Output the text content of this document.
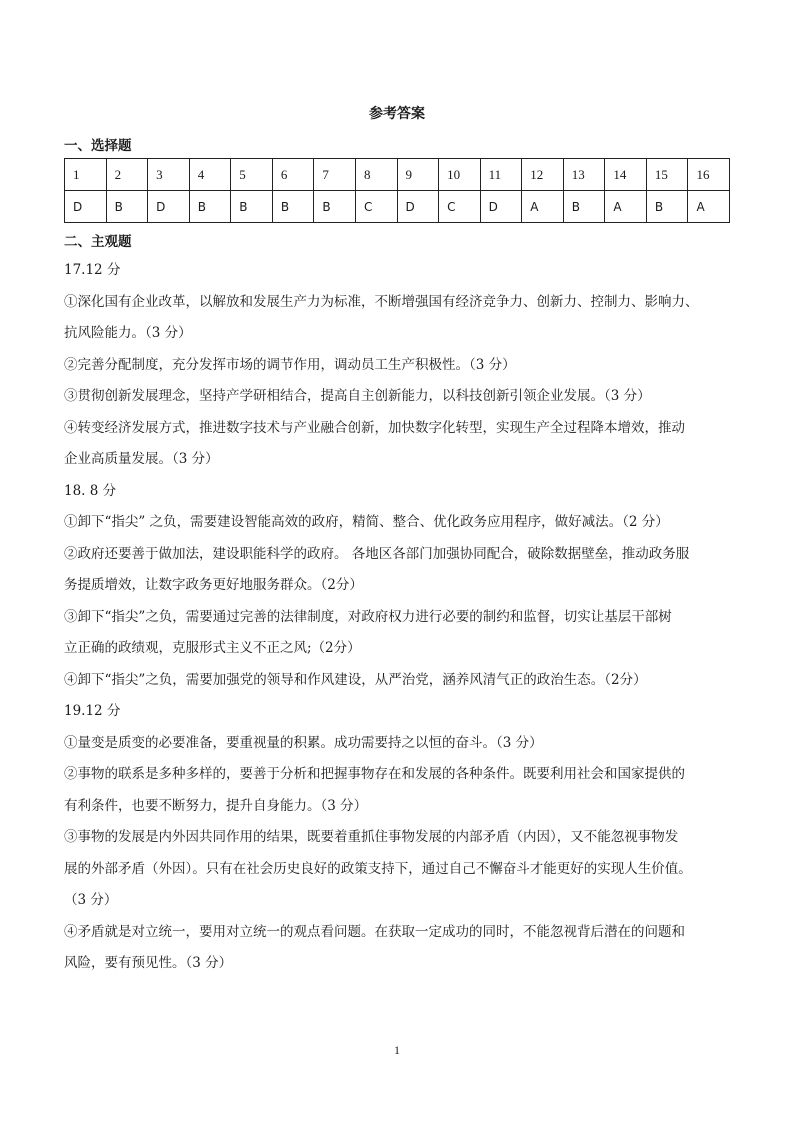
参考答案
一、选择题
1	2	3	4	5	6	7	8	9	10	11	12	13	14	15	16
D	B	D	B	B	B	B	C	D	C	D	A	B	A	B	A
二、主观题

17.12 分

①深化国有企业改革，以解放和发展生产力为标准，不断增强国有经济竞争力、创新力、控制力、影响力、

抗风险能力。（3 分）

②完善分配制度，充分发挥市场的调节作用，调动员工生产积极性。（3 分）

③贯彻创新发展理念，坚持产学研相结合，提高自主创新能力，以科技创新引领企业发展。（3 分）

④转变经济发展方式，推进数字技术与产业融合创新，加快数字化转型，实现生产全过程降本增效，推动

企业高质量发展。（3 分）

18. 8 分

①卸下“指尖” 之负，需要建设智能高效的政府，精简、整合、优化政务应用程序，做好减法。（2 分）

②政府还要善于做加法，建设职能科学的政府。 各地区各部门加强协同配合，破除数据壁垒，推动政务服

务提质增效，让数字政务更好地服务群众。（2分）

③卸下“指尖”之负，需要通过完善的法律制度，对政府权力进行必要的制约和监督，切实让基层干部树

立正确的政绩观，克服形式主义不正之风;（2分）

④卸下“指尖”之负，需要加强党的领导和作风建设，从严治党，涵养风清气正的政治生态。（2分）

19.12 分

①量变是质变的必要准备，要重视量的积累。成功需要持之以恒的奋斗。（3 分）

②事物的联系是多种多样的，要善于分析和把握事物存在和发展的各种条件。既要利用社会和国家提供的

有利条件，也要不断努力，提升自身能力。（3 分）

③事物的发展是内外因共同作用的结果，既要着重抓住事物发展的内部矛盾（内因），又不能忽视事物发

展的外部矛盾（外因）。只有在社会历史良好的政策支持下，通过自己不懈奋斗才能更好的实现人生价值。

（3 分）

④矛盾就是对立统一，要用对立统一的观点看问题。在获取一定成功的同时，不能忽视背后潜在的问题和

风险，要有预见性。（3 分）

1
